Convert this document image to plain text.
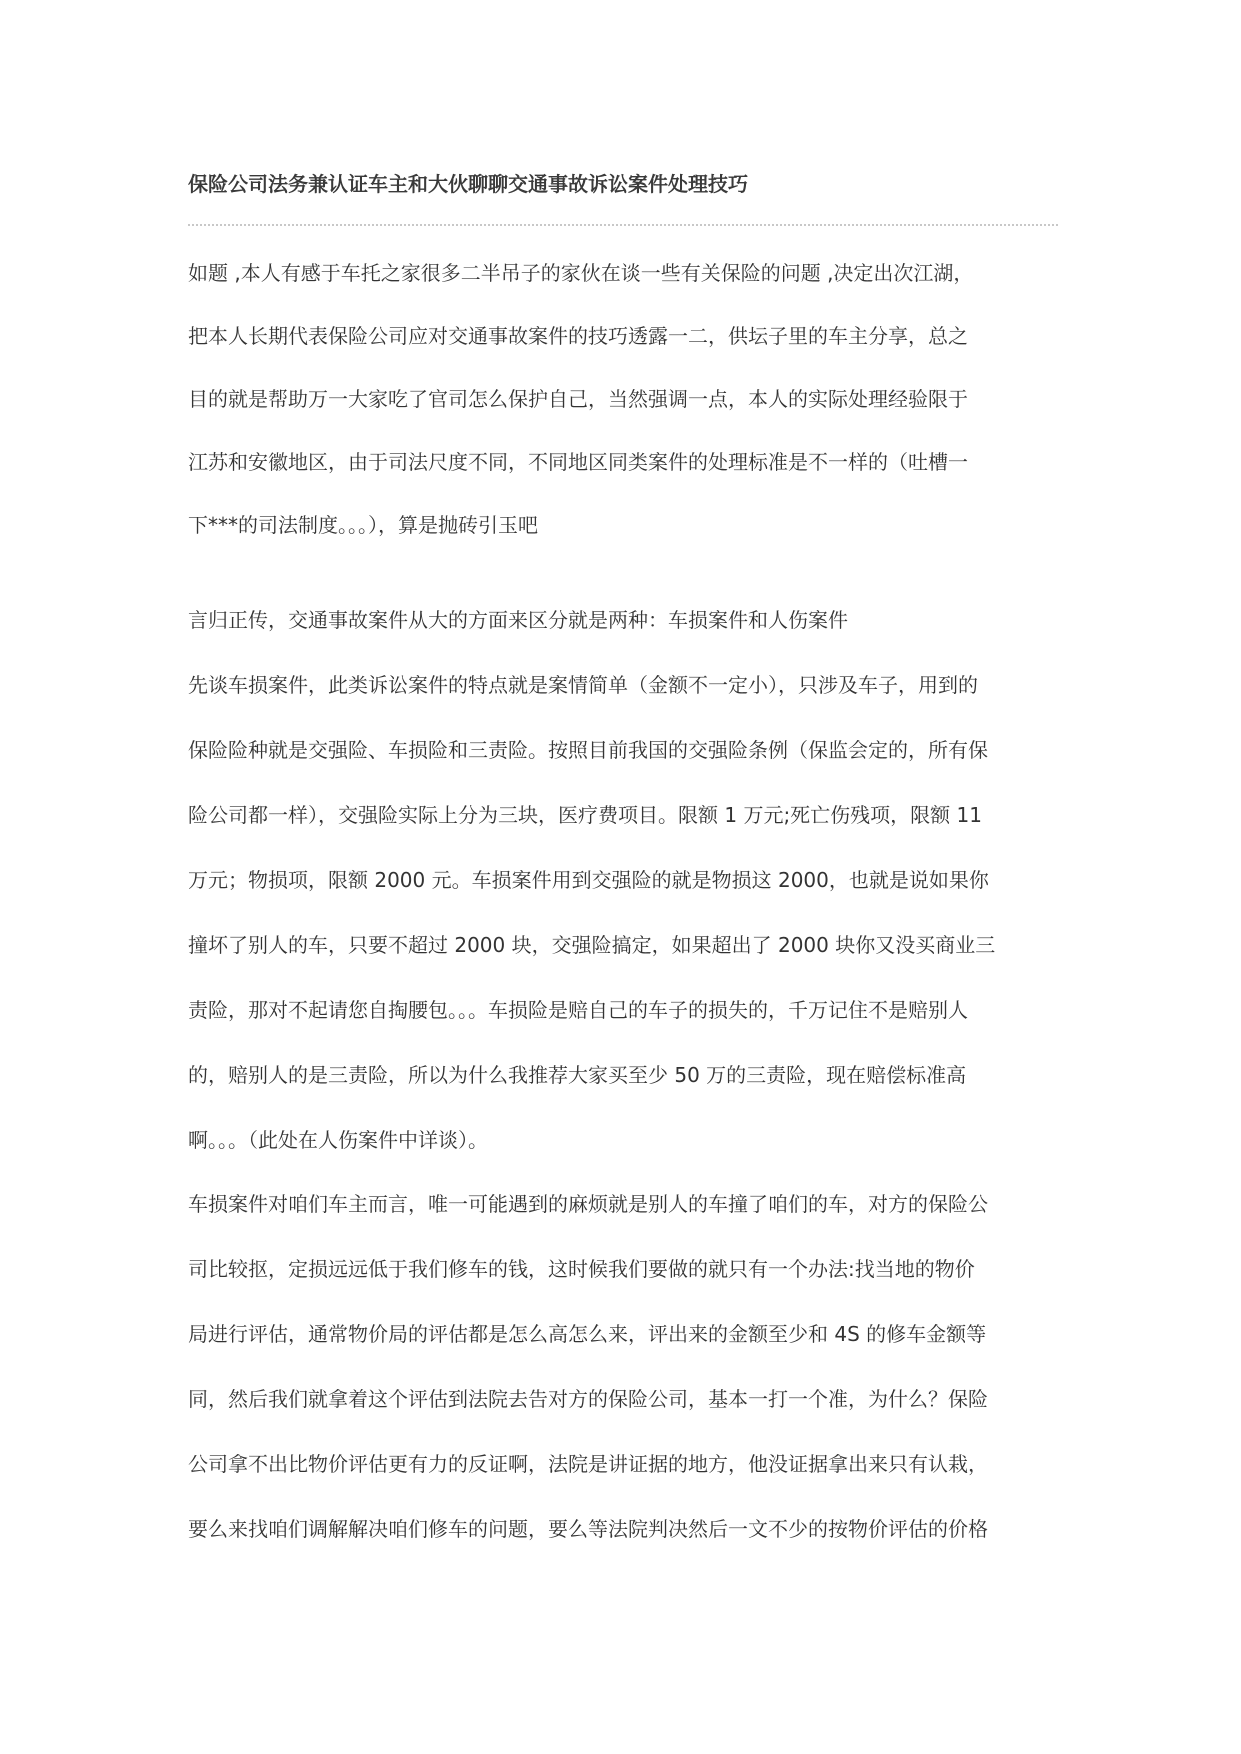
保险公司法务兼认证车主和大伙聊聊交通事故诉讼案件处理技巧
如题 ,本人有感于车托之家很多二半吊子的家伙在谈一些有关保险的问题 ,决定出次江湖，
把本人长期代表保险公司应对交通事故案件的技巧透露一二，供坛子里的车主分享，总之
目的就是帮助万一大家吃了官司怎么保护自己，当然强调一点，本人的实际处理经验限于
江苏和安徽地区，由于司法尺度不同，不同地区同类案件的处理标准是不一样的（吐槽一
下***的司法制度。。。），算是抛砖引玉吧
言归正传，交通事故案件从大的方面来区分就是两种：车损案件和人伤案件
先谈车损案件，此类诉讼案件的特点就是案情简单（金额不一定小），只涉及车子，用到的
保险险种就是交强险、车损险和三责险。按照目前我国的交强险条例（保监会定的，所有保
险公司都一样），交强险实际上分为三块，医疗费项目。限额 1 万元;死亡伤残项，限额 11
万元；物损项，限额 2000 元。车损案件用到交强险的就是物损这 2000，也就是说如果你
撞坏了别人的车，只要不超过 2000 块，交强险搞定，如果超出了 2000 块你又没买商业三
责险，那对不起请您自掏腰包。。。车损险是赔自己的车子的损失的，千万记住不是赔别人
的，赔别人的是三责险，所以为什么我推荐大家买至少 50 万的三责险，现在赔偿标准高
啊。。。（此处在人伤案件中详谈）。
车损案件对咱们车主而言，唯一可能遇到的麻烦就是别人的车撞了咱们的车，对方的保险公
司比较抠，定损远远低于我们修车的钱，这时候我们要做的就只有一个办法:找当地的物价
局进行评估，通常物价局的评估都是怎么高怎么来，评出来的金额至少和 4S 的修车金额等
同，然后我们就拿着这个评估到法院去告对方的保险公司，基本一打一个准，为什么？保险
公司拿不出比物价评估更有力的反证啊，法院是讲证据的地方，他没证据拿出来只有认栽，
要么来找咱们调解解决咱们修车的问题，要么等法院判决然后一文不少的按物价评估的价格
